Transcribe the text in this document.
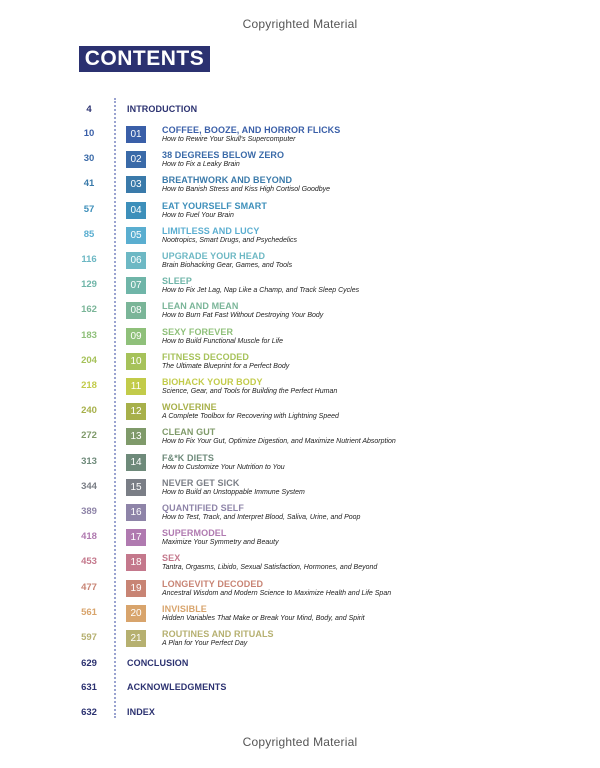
Copyrighted Material
CONTENTS
4	INTRODUCTION
10	01	COFFEE, BOOZE, AND HORROR FLICKS
How to Rewire Your Skull's Supercomputer
30	02	38 DEGREES BELOW ZERO
How to Fix a Leaky Brain
41	03	BREATHWORK AND BEYOND
How to Banish Stress and Kiss High Cortisol Goodbye
57	04	EAT YOURSELF SMART
How to Fuel Your Brain
85	05	LIMITLESS AND LUCY
Nootropics, Smart Drugs, and Psychedelics
116	06	UPGRADE YOUR HEAD
Brain Biohacking Gear, Games, and Tools
129	07	SLEEP
How to Fix Jet Lag, Nap Like a Champ, and Track Sleep Cycles
162	08	LEAN AND MEAN
How to Burn Fat Fast Without Destroying Your Body
183	09	SEXY FOREVER
How to Build Functional Muscle for Life
204	10	FITNESS DECODED
The Ultimate Blueprint for a Perfect Body
218	11	BIOHACK YOUR BODY
Science, Gear, and Tools for Building the Perfect Human
240	12	WOLVERINE
A Complete Toolbox for Recovering with Lightning Speed
272	13	CLEAN GUT
How to Fix Your Gut, Optimize Digestion, and Maximize Nutrient Absorption
313	14	F&*K DIETS
How to Customize Your Nutrition to You
344	15	NEVER GET SICK
How to Build an Unstoppable Immune System
389	16	QUANTIFIED SELF
How to Test, Track, and Interpret Blood, Saliva, Urine, and Poop
418	17	SUPERMODEL
Maximize Your Symmetry and Beauty
453	18	SEX
Tantra, Orgasms, Libido, Sexual Satisfaction, Hormones, and Beyond
477	19	LONGEVITY DECODED
Ancestral Wisdom and Modern Science to Maximize Health and Life Span
561	20	INVISIBLE
Hidden Variables That Make or Break Your Mind, Body, and Spirit
597	21	ROUTINES AND RITUALS
A Plan for Your Perfect Day
629	CONCLUSION
631	ACKNOWLEDGMENTS
632	INDEX
Copyrighted Material
